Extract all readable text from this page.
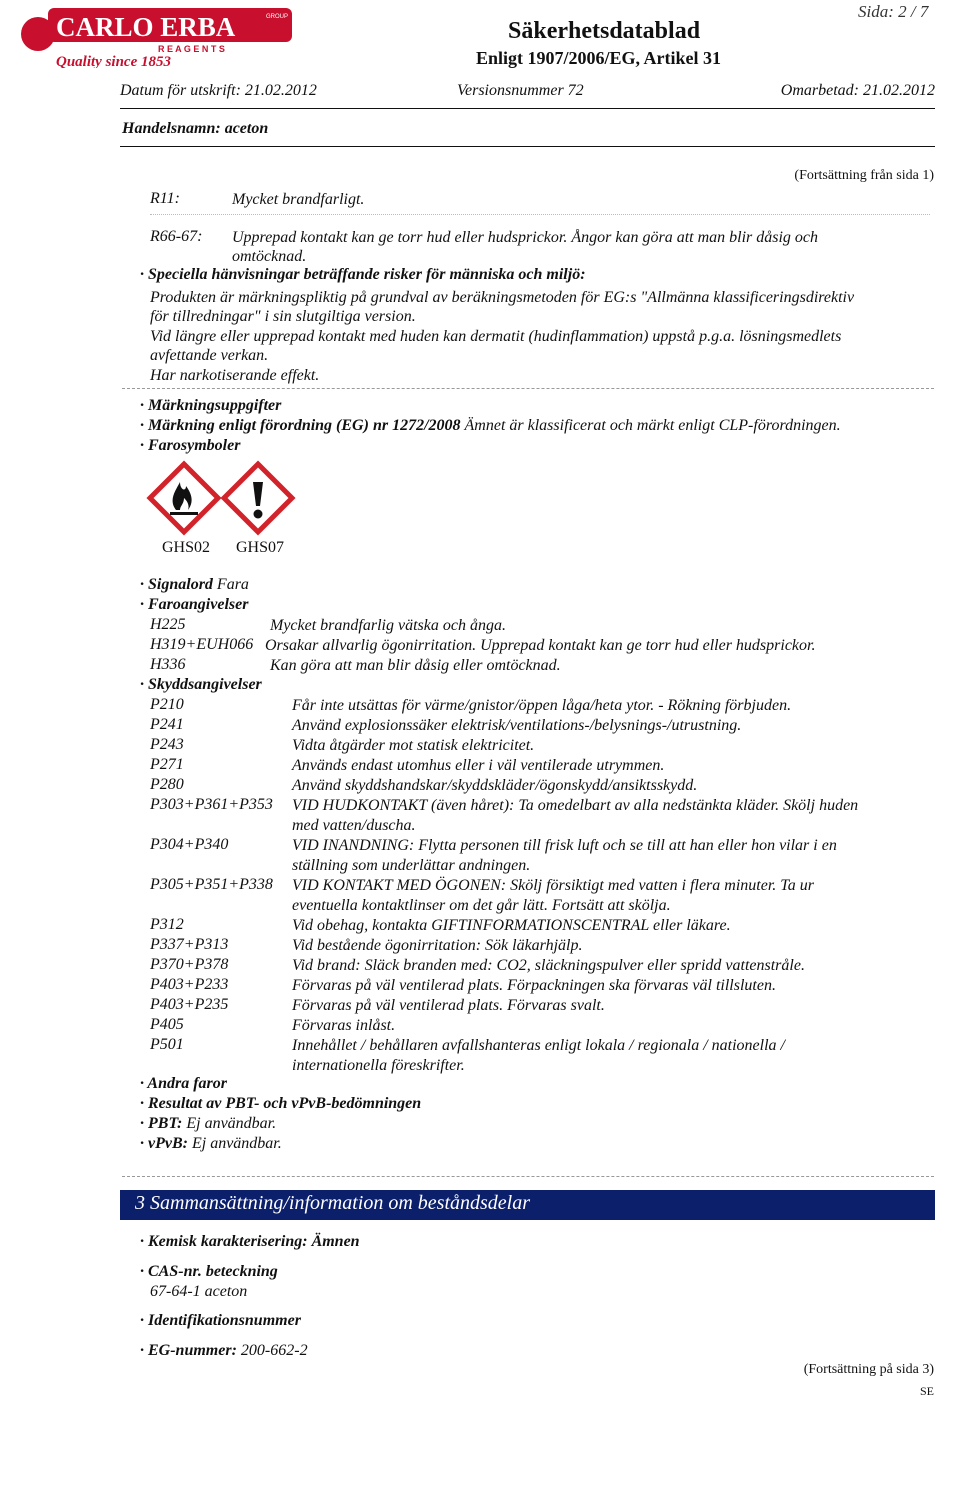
CARLO ERBA
R E A G E N T S
GROUP
Quality since 1853
Säkerhetsdatablad
Enligt 1907/2006/EG, Artikel 31
Sida: 2 / 7
Datum för utskrift: 21.02.2012	Versionsnummer 72	Omarbetad: 21.02.2012
Handelsnamn: aceton
(Fortsättning från sida 1)
R11:	Mycket brandfarligt.
R66-67: Upprepad kontakt kan ge torr hud eller hudsprickor. Ångor kan göra att man blir dåsig och
omtöcknad.
· Speciella hänvisningar beträffande risker för människa och miljö:
Produkten är märkningspliktig på grundval av beräkningsmetoden för EG:s "Allmänna klassificeringsdirektiv
för tillredningar" i sin slutgiltiga version.
Vid längre eller upprepad kontakt med huden kan dermatit (hudinflammation) uppstå p.g.a. lösningsmedlets
avfettande verkan.
Har narkotiserande effekt.
· Märkningsuppgifter
· Märkning enligt förordning (EG) nr 1272/2008 Ämnet är klassificerat och märkt enligt CLP-förordningen.
· Farosymboler
GHS02 GHS07
· Signalord Fara
· Faroangivelser
H225	Mycket brandfarlig vätska och ånga.
H319+EUH066 Orsakar allvarlig ögonirritation. Upprepad kontakt kan ge torr hud eller hudsprickor.
H336	Kan göra att man blir dåsig eller omtöcknad.
· Skyddsangivelser
P210	Får inte utsättas för värme/gnistor/öppen låga/heta ytor. - Rökning förbjuden.
P241	Använd explosionssäker elektrisk/ventilations-/belysnings-/utrustning.
P243	Vidta åtgärder mot statisk elektricitet.
P271	Används endast utomhus eller i väl ventilerade utrymmen.
P280	Använd skyddshandskar/skyddskläder/ögonskydd/ansiktsskydd.
P303+P361+P353 VID HUDKONTAKT (även håret): Ta omedelbart av alla nedstänkta kläder. Skölj huden
med vatten/duscha.
P304+P340	VID INANDNING: Flytta personen till frisk luft och se till att han eller hon vilar i en
ställning som underlättar andningen.
P305+P351+P338 VID KONTAKT MED ÖGONEN: Skölj försiktigt med vatten i flera minuter. Ta ur
eventuella kontaktlinser om det går lätt. Fortsätt att skölja.
P312	Vid obehag, kontakta GIFTINFORMATIONSCENTRAL eller läkare.
P337+P313	Vid bestående ögonirritation: Sök läkarhjälp.
P370+P378	Vid brand: Släck branden med: CO2, släckningspulver eller spridd vattenstråle.
P403+P233	Förvaras på väl ventilerad plats. Förpackningen ska förvaras väl tillsluten.
P403+P235	Förvaras på väl ventilerad plats. Förvaras svalt.
P405	Förvaras inlåst.
P501	Innehållet / behållaren avfallshanteras enligt lokala / regionala / nationella /
internationella föreskrifter.
· Andra faror
· Resultat av PBT- och vPvB-bedömningen
· PBT: Ej användbar.
· vPvB: Ej användbar.
3 Sammansättning/information om beståndsdelar
· Kemisk karakterisering: Ämnen
· CAS-nr. beteckning
67-64-1 aceton
· Identifikationsnummer
· EG-nummer: 200-662-2
(Fortsättning på sida 3)
SE
